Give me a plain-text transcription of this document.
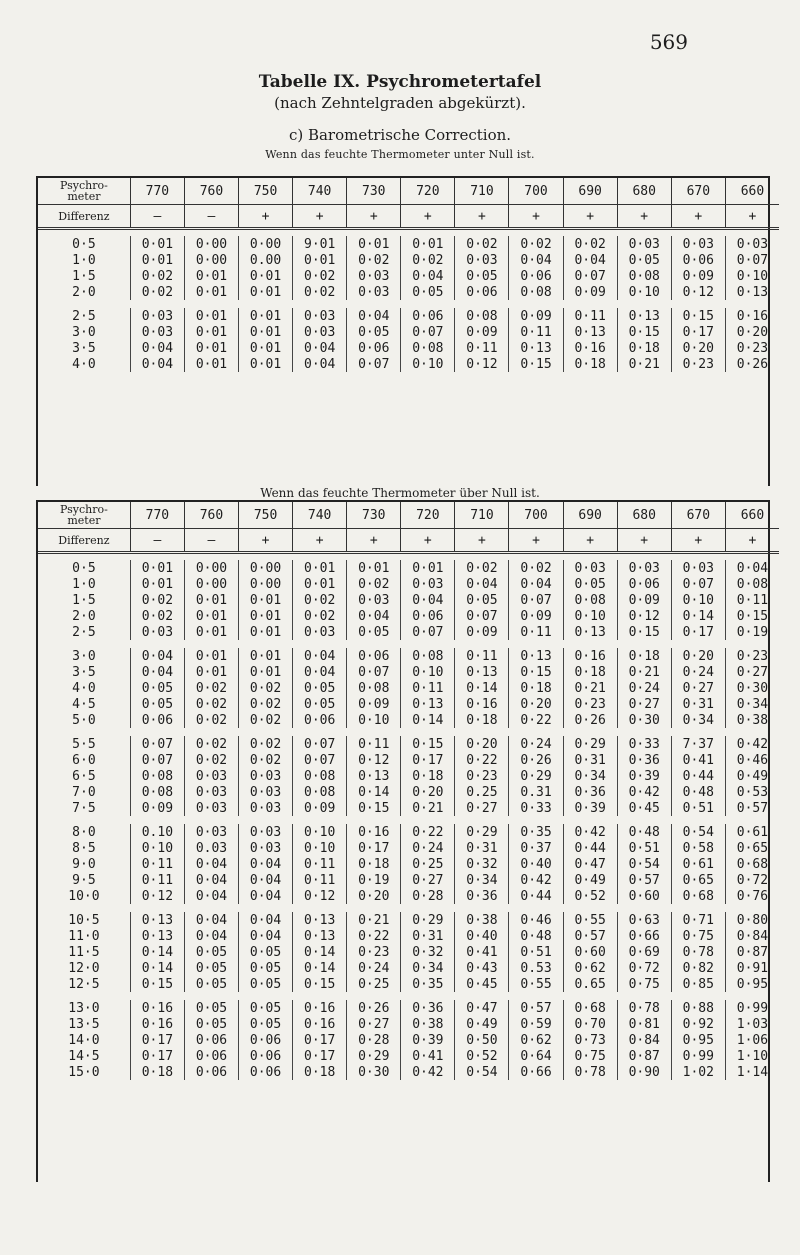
569
Tabelle IX. Psychrometertafel
(nach Zehntelgraden abgekürzt).
c) Barometrische Correction.
Wenn das feuchte Thermometer unter Null ist.
Psychro-
meter	770	760	750	740	730	720	710	700	690	680	670	660
Differenz	—	—	+	+	+	+	+	+	+	+	+	+

0·5	0·01	0·00	0·00	9·01	0·01	0·01	0·02	0·02	0·02	0·03	0·03	0·03
1·0	0·01	0·00	0.00	0·01	0·02	0·02	0·03	0·04	0·04	0·05	0·06	0·07
1·5	0·02	0·01	0·01	0·02	0·03	0·04	0·05	0·06	0·07	0·08	0·09	0·10
2·0	0·02	0·01	0·01	0·02	0·03	0·05	0·06	0·08	0·09	0·10	0·12	0·13

2·5	0·03	0·01	0·01	0·03	0·04	0·06	0·08	0·09	0·11	0·13	0·15	0·16
3·0	0·03	0·01	0·01	0·03	0·05	0·07	0·09	0·11	0·13	0·15	0·17	0·20
3·5	0·04	0·01	0·01	0·04	0·06	0·08	0·11	0·13	0·16	0·18	0·20	0·23
4·0	0·04	0·01	0·01	0·04	0·07	0·10	0·12	0·15	0·18	0·21	0·23	0·26
Psychro-
meter	770	760	750	740	730	720	710	700	690	680	670	660
Differenz	—	—	+	+	+	+	+	+	+	+	+	+

0·5	0·01	0·00	0·00	0·01	0·01	0·01	0·02	0·02	0·03	0·03	0·03	0·04
1·0	0·01	0·00	0·00	0·01	0·02	0·03	0·04	0·04	0·05	0·06	0·07	0·08
1·5	0·02	0·01	0·01	0·02	0·03	0·04	0·05	0·07	0·08	0·09	0·10	0·11
2·0	0·02	0·01	0·01	0·02	0·04	0·06	0·07	0·09	0·10	0·12	0·14	0·15
2·5	0·03	0·01	0·01	0·03	0·05	0·07	0·09	0·11	0·13	0·15	0·17	0·19

3·0	0·04	0·01	0·01	0·04	0·06	0·08	0·11	0·13	0·16	0·18	0·20	0·23
3·5	0·04	0·01	0·01	0·04	0·07	0·10	0·13	0·15	0·18	0·21	0·24	0·27
4·0	0·05	0·02	0·02	0·05	0·08	0·11	0·14	0·18	0·21	0·24	0·27	0·30
4·5	0·05	0·02	0·02	0·05	0·09	0·13	0·16	0·20	0·23	0·27	0·31	0·34
5·0	0·06	0·02	0·02	0·06	0·10	0·14	0·18	0·22	0·26	0·30	0·34	0·38

5·5	0·07	0·02	0·02	0·07	0·11	0·15	0·20	0·24	0·29	0·33	7·37	0·42
6·0	0·07	0·02	0·02	0·07	0·12	0·17	0·22	0·26	0·31	0·36	0·41	0·46
6·5	0·08	0·03	0·03	0·08	0·13	0·18	0·23	0·29	0·34	0·39	0·44	0·49
7·0	0·08	0·03	0·03	0·08	0·14	0·20	0.25	0.31	0·36	0·42	0·48	0·53
7·5	0·09	0·03	0·03	0·09	0·15	0·21	0·27	0·33	0·39	0·45	0·51	0·57

8·0	0.10	0·03	0·03	0·10	0·16	0·22	0·29	0·35	0·42	0·48	0·54	0·61
8·5	0·10	0.03	0·03	0·10	0·17	0·24	0·31	0·37	0·44	0·51	0·58	0·65
9·0	0·11	0·04	0·04	0·11	0·18	0·25	0·32	0·40	0·47	0·54	0·61	0·68
9·5	0·11	0·04	0·04	0·11	0·19	0·27	0·34	0·42	0·49	0·57	0·65	0·72
10·0	0·12	0·04	0·04	0·12	0·20	0·28	0·36	0·44	0·52	0·60	0·68	0·76

10·5	0·13	0·04	0·04	0·13	0·21	0·29	0·38	0·46	0·55	0·63	0·71	0·80
11·0	0·13	0·04	0·04	0·13	0·22	0·31	0·40	0·48	0·57	0·66	0·75	0·84
11·5	0·14	0·05	0·05	0·14	0·23	0·32	0·41	0·51	0·60	0·69	0·78	0·87
12·0	0·14	0·05	0·05	0·14	0·24	0·34	0·43	0.53	0·62	0·72	0·82	0·91
12·5	0·15	0·05	0·05	0·15	0·25	0·35	0·45	0·55	0.65	0·75	0·85	0·95

13·0	0·16	0·05	0·05	0·16	0·26	0·36	0·47	0·57	0·68	0·78	0·88	0·99
13·5	0·16	0·05	0·05	0·16	0·27	0·38	0·49	0·59	0·70	0·81	0·92	1·03
14·0	0·17	0·06	0·06	0·17	0·28	0·39	0·50	0·62	0·73	0·84	0·95	1·06
14·5	0·17	0·06	0·06	0·17	0·29	0·41	0·52	0·64	0·75	0·87	0·99	1·10
15·0	0·18	0·06	0·06	0·18	0·30	0·42	0·54	0·66	0·78	0·90	1·02	1·14
Wenn das feuchte Thermometer über Null ist.
